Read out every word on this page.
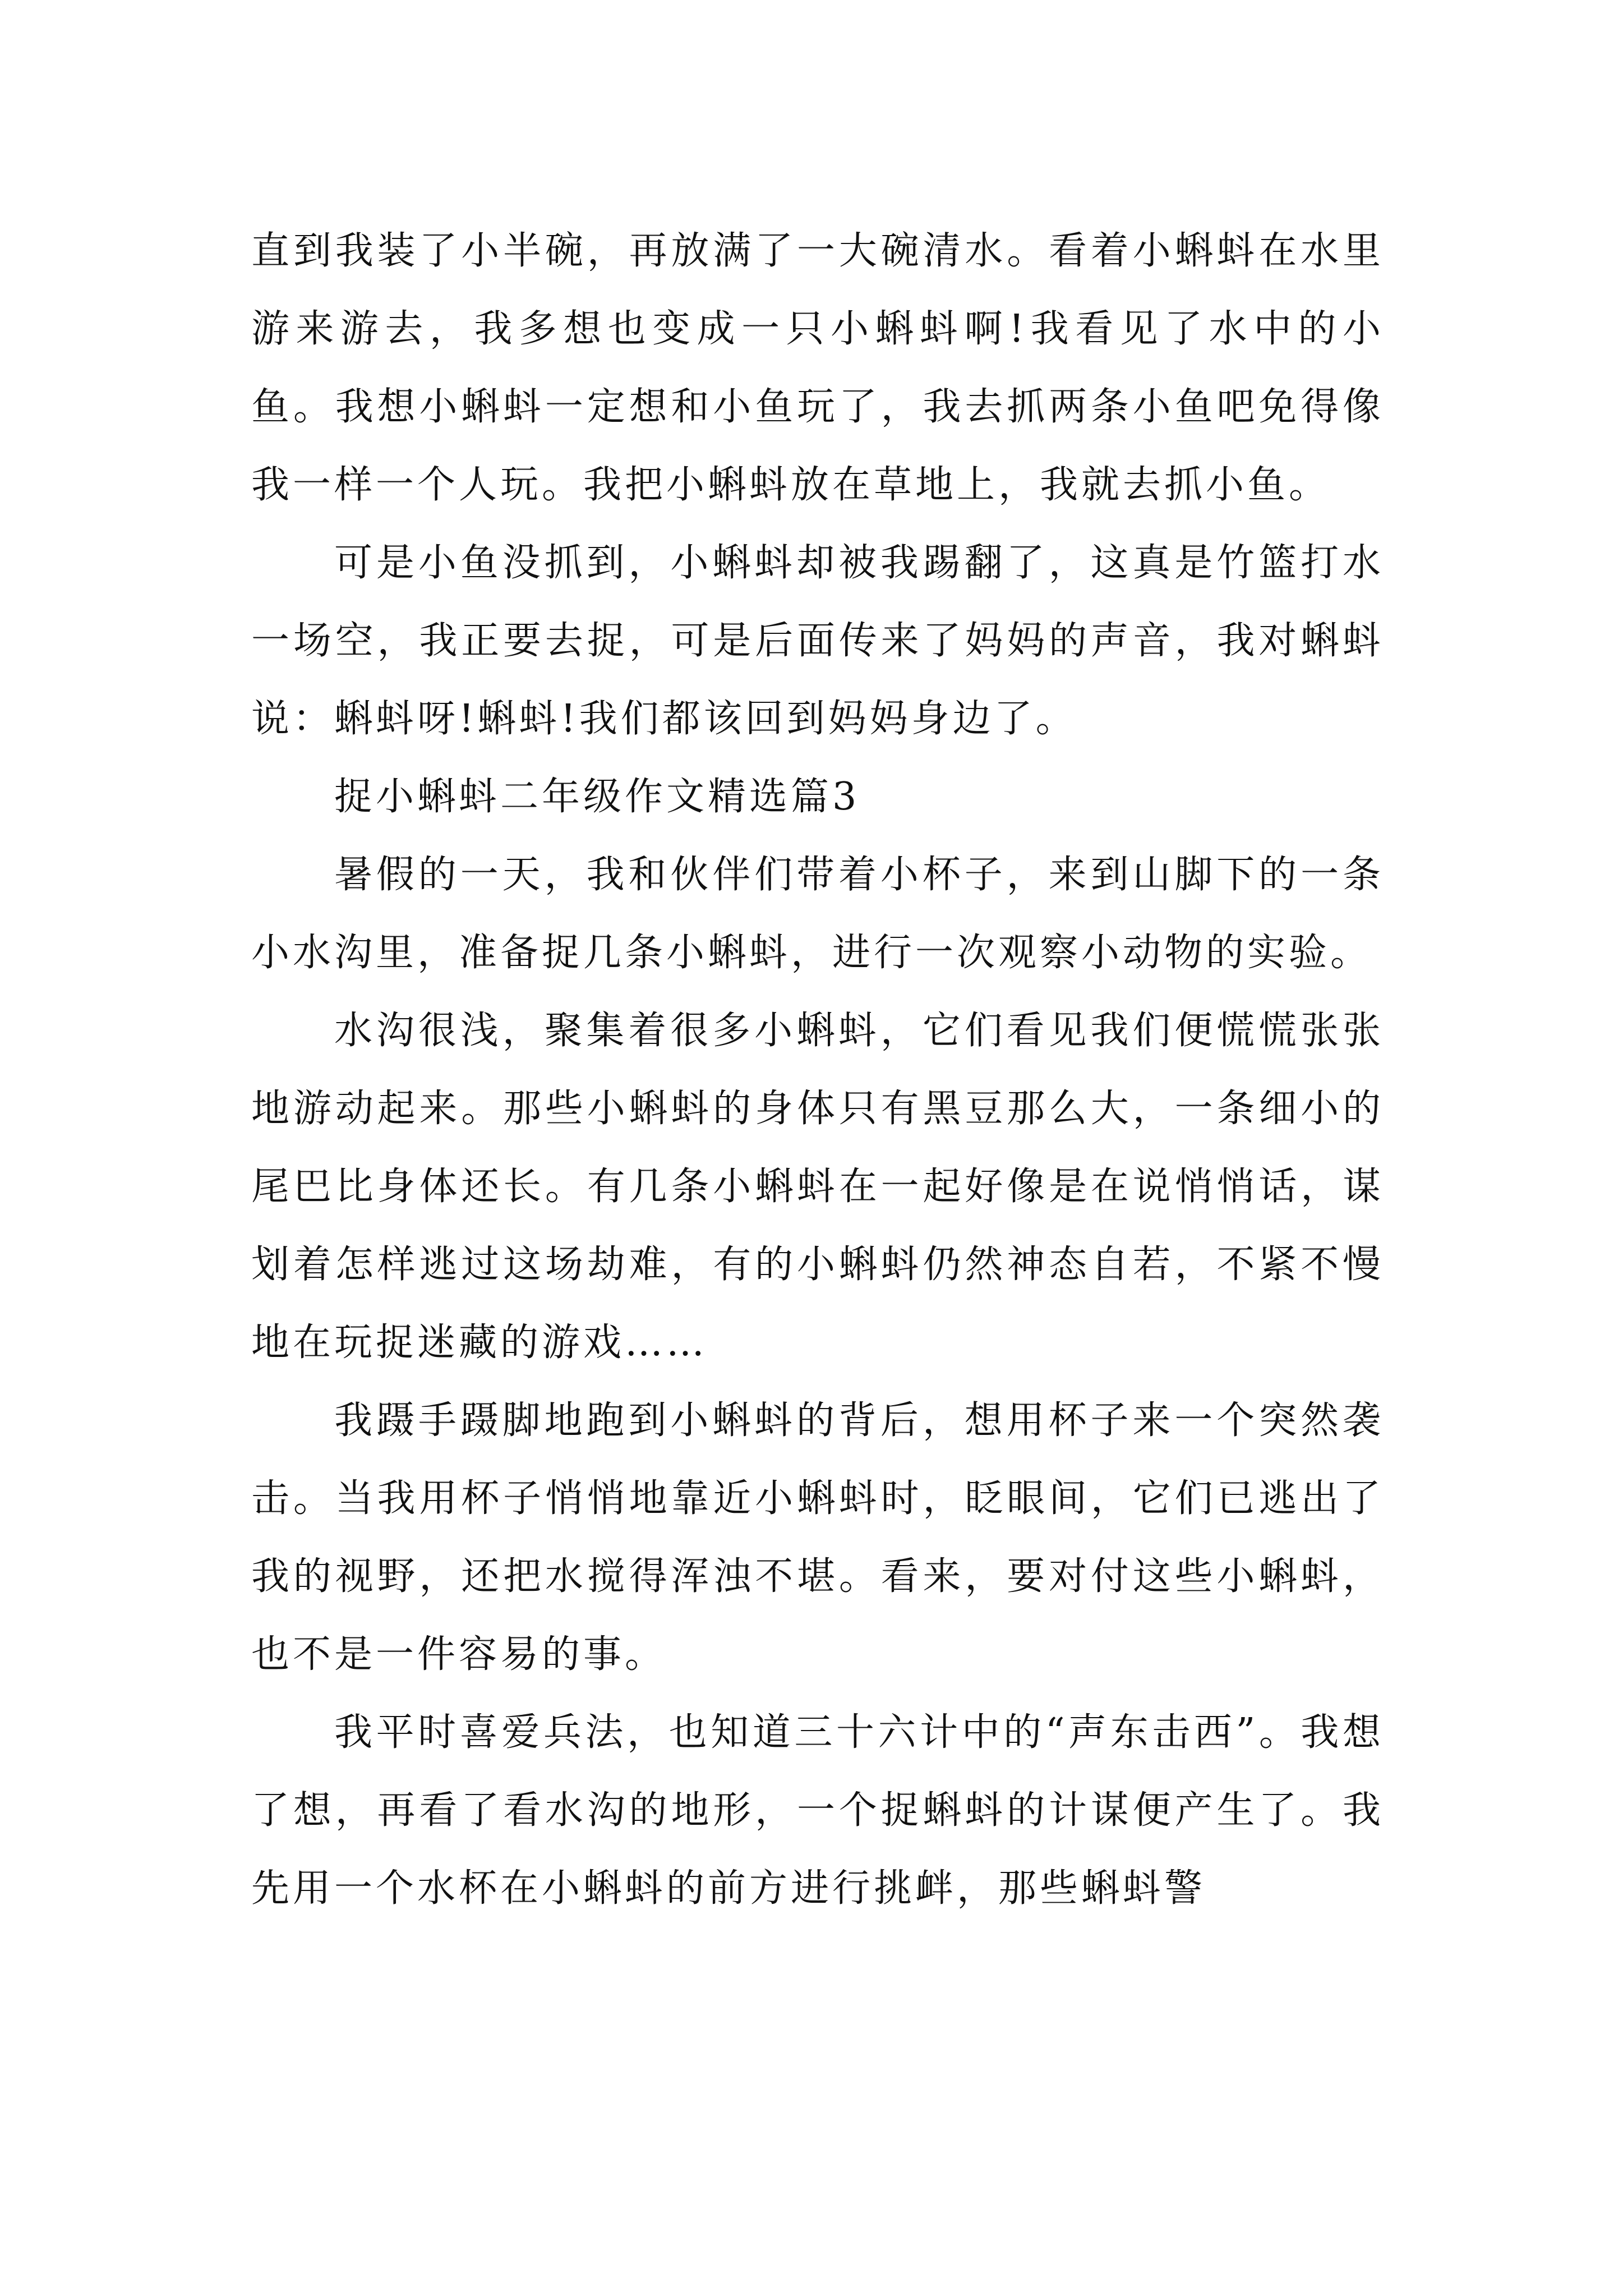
直到我装了小半碗，再放满了一大碗清水。看着小蝌蚪在水里游来游去，我多想也变成一只小蝌蚪啊!我看见了水中的小鱼。我想小蝌蚪一定想和小鱼玩了，我去抓两条小鱼吧免得像我一样一个人玩。我把小蝌蚪放在草地上，我就去抓小鱼。

可是小鱼没抓到，小蝌蚪却被我踢翻了，这真是竹篮打水一场空，我正要去捉，可是后面传来了妈妈的声音，我对蝌蚪说：蝌蚪呀!蝌蚪!我们都该回到妈妈身边了。

捉小蝌蚪二年级作文精选篇3

暑假的一天，我和伙伴们带着小杯子，来到山脚下的一条小水沟里，准备捉几条小蝌蚪，进行一次观察小动物的实验。

水沟很浅，聚集着很多小蝌蚪，它们看见我们便慌慌张张地游动起来。那些小蝌蚪的身体只有黑豆那么大，一条细小的尾巴比身体还长。有几条小蝌蚪在一起好像是在说悄悄话，谋划着怎样逃过这场劫难，有的小蝌蚪仍然神态自若，不紧不慢地在玩捉迷藏的游戏……

我蹑手蹑脚地跑到小蝌蚪的背后，想用杯子来一个突然袭击。当我用杯子悄悄地靠近小蝌蚪时，眨眼间，它们已逃出了我的视野，还把水搅得浑浊不堪。看来，要对付这些小蝌蚪，也不是一件容易的事。

我平时喜爱兵法，也知道三十六计中的“声东击西”。我想了想，再看了看水沟的地形，一个捉蝌蚪的计谋便产生了。我先用一个水杯在小蝌蚪的前方进行挑衅，那些蝌蚪警
